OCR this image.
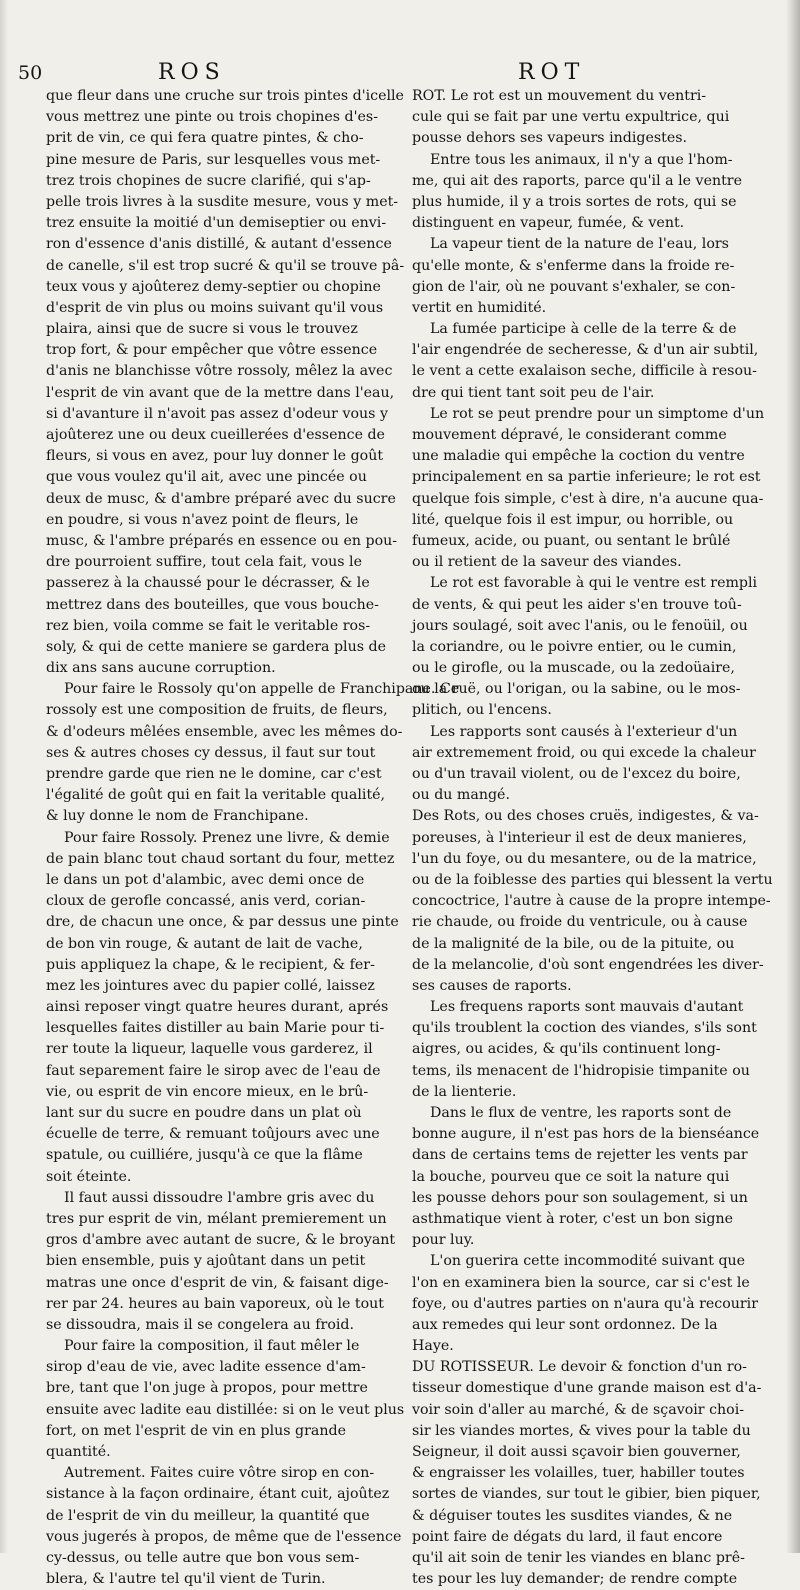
50	ROS	ROT
que fleur dans une cruche sur trois pintes d'icelle
vous mettrez une pinte ou trois chopines d'es-
prit de vin, ce qui fera quatre pintes, & cho-
pine mesure de Paris, sur lesquelles vous met-
trez trois chopines de sucre clarifié, qui s'ap-
pelle trois livres à la susdite mesure, vous y met-
trez ensuite la moitié d'un demiseptier ou envi-
ron d'essence d'anis distillé, & autant d'essence
de canelle, s'il est trop sucré & qu'il se trouve pâ-
teux vous y ajoûterez demy-septier ou chopine
d'esprit de vin plus ou moins suivant qu'il vous
plaira, ainsi que de sucre si vous le trouvez
trop fort, & pour empêcher que vôtre essence
d'anis ne blanchisse vôtre rossoly, mêlez la avec
l'esprit de vin avant que de la mettre dans l'eau,
si d'avanture il n'avoit pas assez d'odeur vous y
ajoûterez une ou deux cueillerées d'essence de
fleurs, si vous en avez, pour luy donner le goût
que vous voulez qu'il ait, avec une pincée ou
deux de musc, & d'ambre préparé avec du sucre
en poudre, si vous n'avez point de fleurs, le
musc, & l'ambre préparés en essence ou en pou-
dre pourroient suffire, tout cela fait, vous le
passerez à la chaussé pour le décrasser, & le
mettrez dans des bouteilles, que vous bouche-
rez bien, voila comme se fait le veritable ros-
soly, & qui de cette maniere se gardera plus de
dix ans sans aucune corruption.
Pour faire le Rossoly qu'on appelle de Franchipane. Ce
rossoly est une composition de fruits, de fleurs,
& d'odeurs mêlées ensemble, avec les mêmes do-
ses & autres choses cy dessus, il faut sur tout
prendre garde que rien ne le domine, car c'est
l'égalité de goût qui en fait la veritable qualité,
& luy donne le nom de Franchipane.
Pour faire Rossoly. Prenez une livre, & demie
de pain blanc tout chaud sortant du four, mettez
le dans un pot d'alambic, avec demi once de
cloux de gerofle concassé, anis verd, corian-
dre, de chacun une once, & par dessus une pinte
de bon vin rouge, & autant de lait de vache,
puis appliquez la chape, & le recipient, & fer-
mez les jointures avec du papier collé, laissez
ainsi reposer vingt quatre heures durant, aprés
lesquelles faites distiller au bain Marie pour ti-
rer toute la liqueur, laquelle vous garderez, il
faut separement faire le sirop avec de l'eau de
vie, ou esprit de vin encore mieux, en le brû-
lant sur du sucre en poudre dans un plat où
écuelle de terre, & remuant toûjours avec une
spatule, ou cuilliére, jusqu'à ce que la flâme
soit éteinte.
Il faut aussi dissoudre l'ambre gris avec du
tres pur esprit de vin, mélant premierement un
gros d'ambre avec autant de sucre, & le broyant
bien ensemble, puis y ajoûtant dans un petit
matras une once d'esprit de vin, & faisant dige-
rer par 24. heures au bain vaporeux, où le tout
se dissoudra, mais il se congelera au froid.
Pour faire la composition, il faut mêler le
sirop d'eau de vie, avec ladite essence d'am-
bre, tant que l'on juge à propos, pour mettre
ensuite avec ladite eau distillée: si on le veut plus
fort, on met l'esprit de vin en plus grande
quantité.
Autrement. Faites cuire vôtre sirop en con-
sistance à la façon ordinaire, étant cuit, ajoûtez
de l'esprit de vin du meilleur, la quantité que
vous jugerés à propos, de même que de l'essence
cy-dessus, ou telle autre que bon vous sem-
blera, & l'autre tel qu'il vient de Turin.
ROT. Le rot est un mouvement du ventri-
cule qui se fait par une vertu expultrice, qui
pousse dehors ses vapeurs indigestes.
Entre tous les animaux, il n'y a que l'hom-
me, qui ait des raports, parce qu'il a le ventre
plus humide, il y a trois sortes de rots, qui se
distinguent en vapeur, fumée, & vent.
La vapeur tient de la nature de l'eau, lors
qu'elle monte, & s'enferme dans la froide re-
gion de l'air, où ne pouvant s'exhaler, se con-
vertit en humidité.
La fumée participe à celle de la terre & de
l'air engendrée de secheresse, & d'un air subtil,
le vent a cette exalaison seche, difficile à resou-
dre qui tient tant soit peu de l'air.
Le rot se peut prendre pour un simptome d'un
mouvement dépravé, le considerant comme
une maladie qui empêche la coction du ventre
principalement en sa partie inferieure; le rot est
quelque fois simple, c'est à dire, n'a aucune qua-
lité, quelque fois il est impur, ou horrible, ou
fumeux, acide, ou puant, ou sentant le brûlé
ou il retient de la saveur des viandes.
Le rot est favorable à qui le ventre est rempli
de vents, & qui peut les aider s'en trouve toû-
jours soulagé, soit avec l'anis, ou le fenoüil, ou
la coriandre, ou le poivre entier, ou le cumin,
ou le girofle, ou la muscade, ou la zedoüaire,
ou la ruë, ou l'origan, ou la sabine, ou le mos-
plitich, ou l'encens.
Les rapports sont causés à l'exterieur d'un
air extremement froid, ou qui excede la chaleur
ou d'un travail violent, ou de l'excez du boire,
ou du mangé.
Des Rots, ou des choses cruës, indigestes, & va-
poreuses, à l'interieur il est de deux manieres,
l'un du foye, ou du mesantere, ou de la matrice,
ou de la foiblesse des parties qui blessent la vertu
concoctrice, l'autre à cause de la propre intempe-
rie chaude, ou froide du ventricule, ou à cause
de la malignité de la bile, ou de la pituite, ou
de la melancolie, d'où sont engendrées les diver-
ses causes de raports.
Les frequens raports sont mauvais d'autant
qu'ils troublent la coction des viandes, s'ils sont
aigres, ou acides, & qu'ils continuent long-
tems, ils menacent de l'hidropisie timpanite ou
de la lienterie.
Dans le flux de ventre, les raports sont de
bonne augure, il n'est pas hors de la bienséance
dans de certains tems de rejetter les vents par
la bouche, pourveu que ce soit la nature qui
les pousse dehors pour son soulagement, si un
asthmatique vient à roter, c'est un bon signe
pour luy.
L'on guerira cette incommodité suivant que
l'on en examinera bien la source, car si c'est le
foye, ou d'autres parties on n'aura qu'à recourir
aux remedes qui leur sont ordonnez. De la
Haye.
DU ROTISSEUR. Le devoir & fonction d'un ro-
tisseur domestique d'une grande maison est d'a-
voir soin d'aller au marché, & de sçavoir choi-
sir les viandes mortes, & vives pour la table du
Seigneur, il doit aussi sçavoir bien gouverner,
& engraisser les volailles, tuer, habiller toutes
sortes de viandes, sur tout le gibier, bien piquer,
& déguiser toutes les susdites viandes, & ne
point faire de dégats du lard, il faut encore
qu'il ait soin de tenir les viandes en blanc prê-
tes pour les luy demander; de rendre compte
